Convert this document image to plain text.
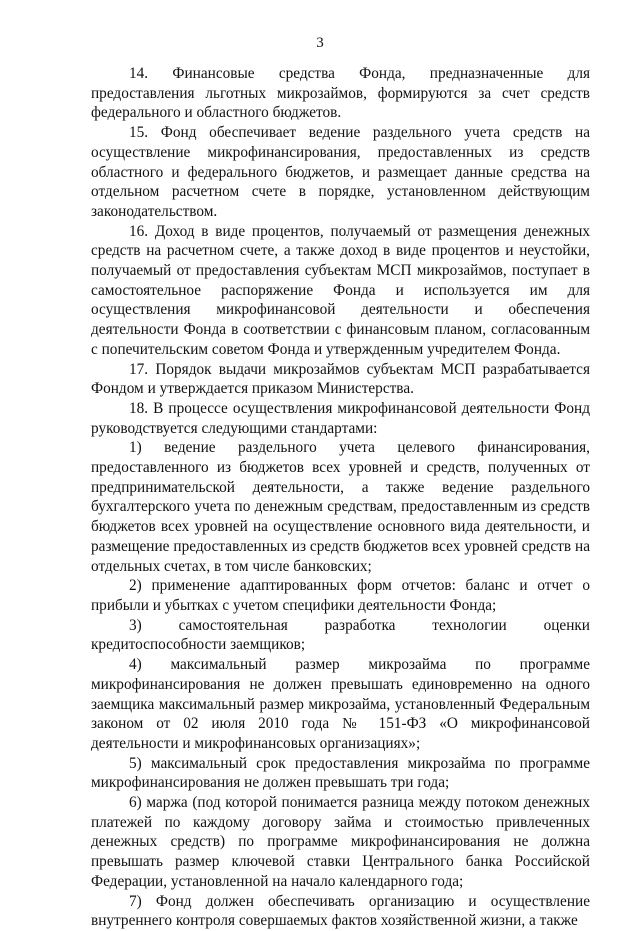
3

14. Финансовые средства Фонда, предназначенные для предоставления льготных микрозаймов, формируются за счет средств федерального и областного бюджетов.

15. Фонд обеспечивает ведение раздельного учета средств на осуществление микрофинансирования, предоставленных из средств областного и федерального бюджетов, и размещает данные средства на отдельном расчетном счете в порядке, установленном действующим законодательством.

16. Доход в виде процентов, получаемый от размещения денежных средств на расчетном счете, а также доход в виде процентов и неустойки, получаемый от предоставления субъектам МСП микрозаймов, поступает в самостоятельное распоряжение Фонда и используется им для осуществления микрофинансовой деятельности и обеспечения деятельности Фонда в соответствии с финансовым планом, согласованным с попечительским советом Фонда и утвержденным учредителем Фонда.

17. Порядок выдачи микрозаймов субъектам МСП разрабатывается Фондом и утверждается приказом Министерства.

18. В процессе осуществления микрофинансовой деятельности Фонд руководствуется следующими стандартами:

1) ведение раздельного учета целевого финансирования, предоставленного из бюджетов всех уровней и средств, полученных от предпринимательской деятельности, а также ведение раздельного бухгалтерского учета по денежным средствам, предоставленным из средств бюджетов всех уровней на осуществление основного вида деятельности, и размещение предоставленных из средств бюджетов всех уровней средств на отдельных счетах, в том числе банковских;

2) применение адаптированных форм отчетов: баланс и отчет о прибыли и убытках с учетом специфики деятельности Фонда;

3) самостоятельная разработка технологии оценки кредитоспособности заемщиков;

4) максимальный размер микрозайма по программе микрофинансирования не должен превышать единовременно на одного заемщика максимальный размер микрозайма, установленный Федеральным законом от 02 июля 2010 года № 151-ФЗ «О микрофинансовой деятельности и микрофинансовых организациях»;

5) максимальный срок предоставления микрозайма по программе микрофинансирования не должен превышать три года;

6) маржа (под которой понимается разница между потоком денежных платежей по каждому договору займа и стоимостью привлеченных денежных средств) по программе микрофинансирования не должна превышать размер ключевой ставки Центрального банка Российской Федерации, установленной на начало календарного года;

7) Фонд должен обеспечивать организацию и осуществление внутреннего контроля совершаемых фактов хозяйственной жизни, а также
